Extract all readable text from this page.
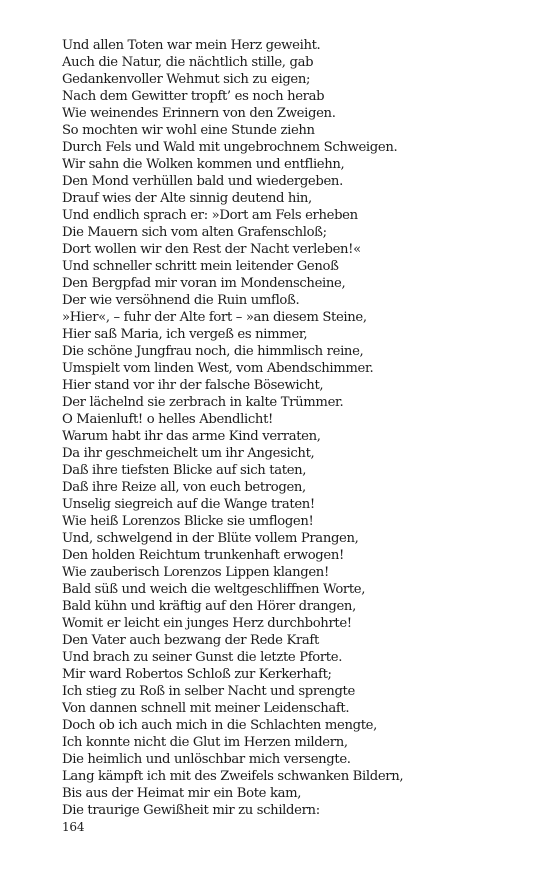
Und allen Toten war mein Herz geweiht.
Auch die Natur, die nächtlich stille, gab
Gedankenvoller Wehmut sich zu eigen;
Nach dem Gewitter tropft’ es noch herab
Wie weinendes Erinnern von den Zweigen.
So mochten wir wohl eine Stunde ziehn
Durch Fels und Wald mit ungebrochnem Schweigen.
Wir sahn die Wolken kommen und entfliehn,
Den Mond verhüllen bald und wiedergeben.
Drauf wies der Alte sinnig deutend hin,
Und endlich sprach er: »Dort am Fels erheben
Die Mauern sich vom alten Grafenschloß;
Dort wollen wir den Rest der Nacht verleben!«
Und schneller schritt mein leitender Genoß
Den Bergpfad mir voran im Mondenscheine,
Der wie versöhnend die Ruin umfloß.
»Hier«, – fuhr der Alte fort – »an diesem Steine,
Hier saß Maria, ich vergeß es nimmer,
Die schöne Jungfrau noch, die himmlisch reine,
Umspielt vom linden West, vom Abendschimmer.
Hier stand vor ihr der falsche Bösewicht,
Der lächelnd sie zerbrach in kalte Trümmer.
O Maienluft! o helles Abendlicht!
Warum habt ihr das arme Kind verraten,
Da ihr geschmeichelt um ihr Angesicht,
Daß ihre tiefsten Blicke auf sich taten,
Daß ihre Reize all, von euch betrogen,
Unselig siegreich auf die Wange traten!
Wie heiß Lorenzos Blicke sie umflogen!
Und, schwelgend in der Blüte vollem Prangen,
Den holden Reichtum trunkenhaft erwogen!
Wie zauberisch Lorenzos Lippen klangen!
Bald süß und weich die weltgeschliffnen Worte,
Bald kühn und kräftig auf den Hörer drangen,
Womit er leicht ein junges Herz durchbohrte!
Den Vater auch bezwang der Rede Kraft
Und brach zu seiner Gunst die letzte Pforte.
Mir ward Robertos Schloß zur Kerkerhaft;
Ich stieg zu Roß in selber Nacht und sprengte
Von dannen schnell mit meiner Leidenschaft.
Doch ob ich auch mich in die Schlachten mengte,
Ich konnte nicht die Glut im Herzen mildern,
Die heimlich und unlöschbar mich versengte.
Lang kämpft ich mit des Zweifels schwanken Bildern,
Bis aus der Heimat mir ein Bote kam,
Die traurige Gewißheit mir zu schildern:
164
